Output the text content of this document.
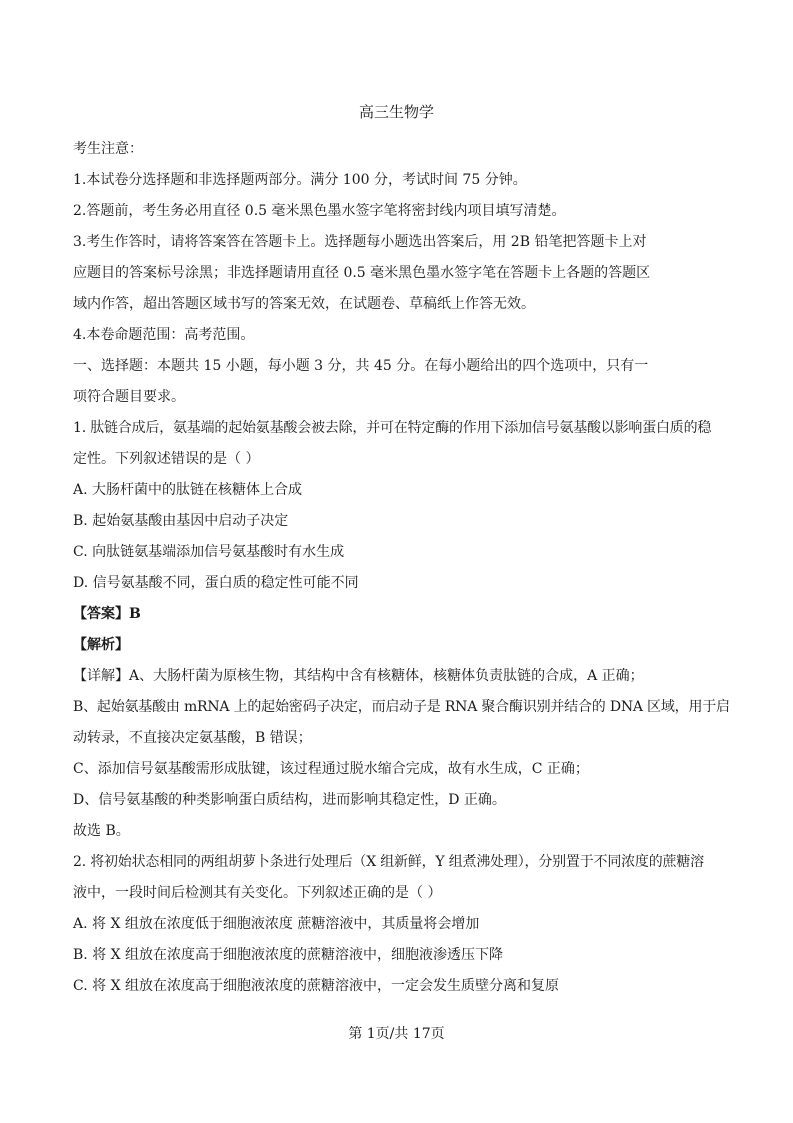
高三生物学
考生注意：
1.本试卷分选择题和非选择题两部分。满分 100 分，考试时间 75 分钟。
2.答题前，考生务必用直径 0.5 毫米黑色墨水签字笔将密封线内项目填写清楚。
3.考生作答时，请将答案答在答题卡上。选择题每小题选出答案后，用 2B 铅笔把答题卡上对
应题目的答案标号涂黑；非选择题请用直径 0.5 毫米黑色墨水签字笔在答题卡上各题的答题区
域内作答，超出答题区域书写的答案无效，在试题卷、草稿纸上作答无效。
4.本卷命题范围：高考范围。
一、选择题：本题共 15 小题，每小题 3 分，共 45 分。在每小题给出的四个选项中，只有一
项符合题目要求。
1. 肽链合成后，氨基端的起始氨基酸会被去除，并可在特定酶的作用下添加信号氨基酸以影响蛋白质的稳
定性。下列叙述错误的是（ ）
A. 大肠杆菌中的肽链在核糖体上合成
B. 起始氨基酸由基因中启动子决定
C. 向肽链氨基端添加信号氨基酸时有水生成
D. 信号氨基酸不同，蛋白质的稳定性可能不同
【答案】B
【解析】
【详解】A、大肠杆菌为原核生物，其结构中含有核糖体，核糖体负责肽链的合成，A 正确；
B、起始氨基酸由 mRNA 上的起始密码子决定，而启动子是 RNA 聚合酶识别并结合的 DNA 区域，用于启
动转录，不直接决定氨基酸，B 错误；
C、添加信号氨基酸需形成肽键，该过程通过脱水缩合完成，故有水生成，C 正确；
D、信号氨基酸的种类影响蛋白质结构，进而影响其稳定性，D 正确。
故选 B。
2. 将初始状态相同的两组胡萝卜条进行处理后（X 组新鲜，Y 组煮沸处理），分别置于不同浓度的蔗糖溶
液中，一段时间后检测其有关变化。下列叙述正确的是（ ）
A. 将 X 组放在浓度低于细胞液浓度 蔗糖溶液中，其质量将会增加
B. 将 X 组放在浓度高于细胞液浓度的蔗糖溶液中，细胞液渗透压下降
C. 将 X 组放在浓度高于细胞液浓度的蔗糖溶液中，一定会发生质壁分离和复原
第 1页/共 17页
